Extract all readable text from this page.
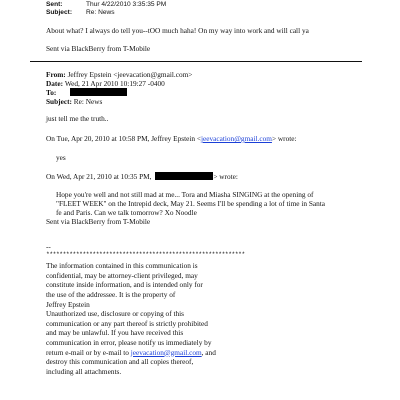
Sent:	Thur 4/22/2010 3:35:35 PM
Subject: Re: News
About what? I always do tell you--tOO much haha! On my way into work and will call ya
Sent via BlackBerry from T-Mobile
From: Jeffrey Epstein <jeevacation@gmail.com>
Date: Wed, 21 Apr 2010 10:19:27 -0400
To:
Subject: Re: News
just tell me the truth..
On Tue, Apr 20, 2010 at 10:58 PM, Jeffrey Epstein <jeevacation@gmail.com> wrote:
yes
On Wed, Apr 21, 2010 at 10:35 PM,	> wrote:
Hope you're well and not still mad at me... Tora and Miasha SINGING at the opening of
"FLEET WEEK" on the Intrepid deck, May 21. Seems I'll be spending a lot of time in Santa
fe and Paris. Can we talk tomorrow? Xo Noodle
Sent via BlackBerry from T-Mobile
--
************************************************************
The information contained in this communication is
confidential, may be attorney-client privileged, may
constitute inside information, and is intended only for
the use of the addressee. It is the property of
Jeffrey Epstein
Unauthorized use, disclosure or copying of this
communication or any part thereof is strictly prohibited
and may be unlawful. If you have received this
communication in error, please notify us immediately by
return e-mail or by e-mail to jeevacation@gmail.com, and
destroy this communication and all copies thereof,
including all attachments.
